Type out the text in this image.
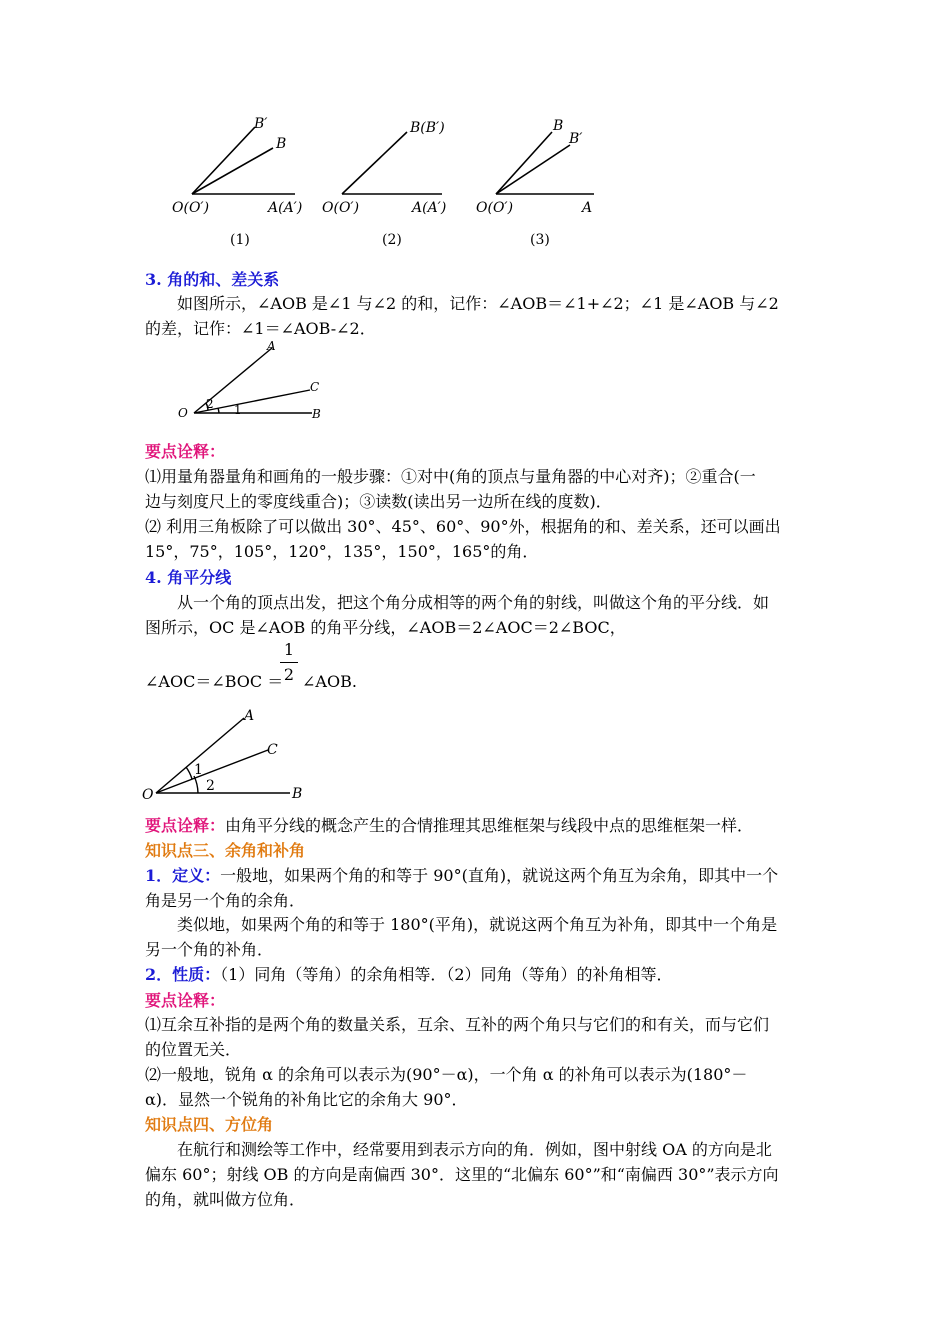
B′
B
O(O′)	A(A′)
B(B′)
O(O′)	A(A′)
B
B′
O(O′)	A
(1)	(2)	(3)
3. 角的和、差关系
如图所示，∠AOB 是∠1 与∠2 的和，记作：∠AOB＝∠1+∠2；∠1 是∠AOB 与∠2
的差，记作：∠1＝∠AOB-∠2．
A
C
O	B
1
2
要点诠释：
⑴用量角器量角和画角的一般步骤：①对中(角的顶点与量角器的中心对齐)；②重合(一
边与刻度尺上的零度线重合)；③读数(读出另一边所在线的度数)．
⑵ 利用三角板除了可以做出 30°、45°、60°、90°外，根据角的和、差关系，还可以画出
15°，75°，105°，120°，135°，150°，165°的角．
4. 角平分线
从一个角的顶点出发，把这个角分成相等的两个角的射线，叫做这个角的平分线．如
图所示，OC 是∠AOB 的角平分线，∠AOB＝2∠AOC＝2∠BOC，
∠AOC＝∠BOC ＝
1
2 ∠AOB.
A
C
O	B
1
2
要点诠释：由角平分线的概念产生的合情推理其思维框架与线段中点的思维框架一样．
知识点三、余角和补角
1．定义：一般地，如果两个角的和等于 90°(直角)，就说这两个角互为余角，即其中一个
角是另一个角的余角．
类似地，如果两个角的和等于 180°(平角)，就说这两个角互为补角，即其中一个角是
另一个角的补角．
2．性质：（1）同角（等角）的余角相等．（2）同角（等角）的补角相等．
要点诠释：
⑴互余互补指的是两个角的数量关系，互余、互补的两个角只与它们的和有关，而与它们
的位置无关．
⑵一般地，锐角 α 的余角可以表示为(90°－α)，一个角 α 的补角可以表示为(180°－
α)．显然一个锐角的补角比它的余角大 90°．
知识点四、方位角
在航行和测绘等工作中，经常要用到表示方向的角．例如，图中射线 OA 的方向是北
偏东 60°；射线 OB 的方向是南偏西 30°．这里的“北偏东 60°”和“南偏西 30°”表示方向
的角，就叫做方位角．
